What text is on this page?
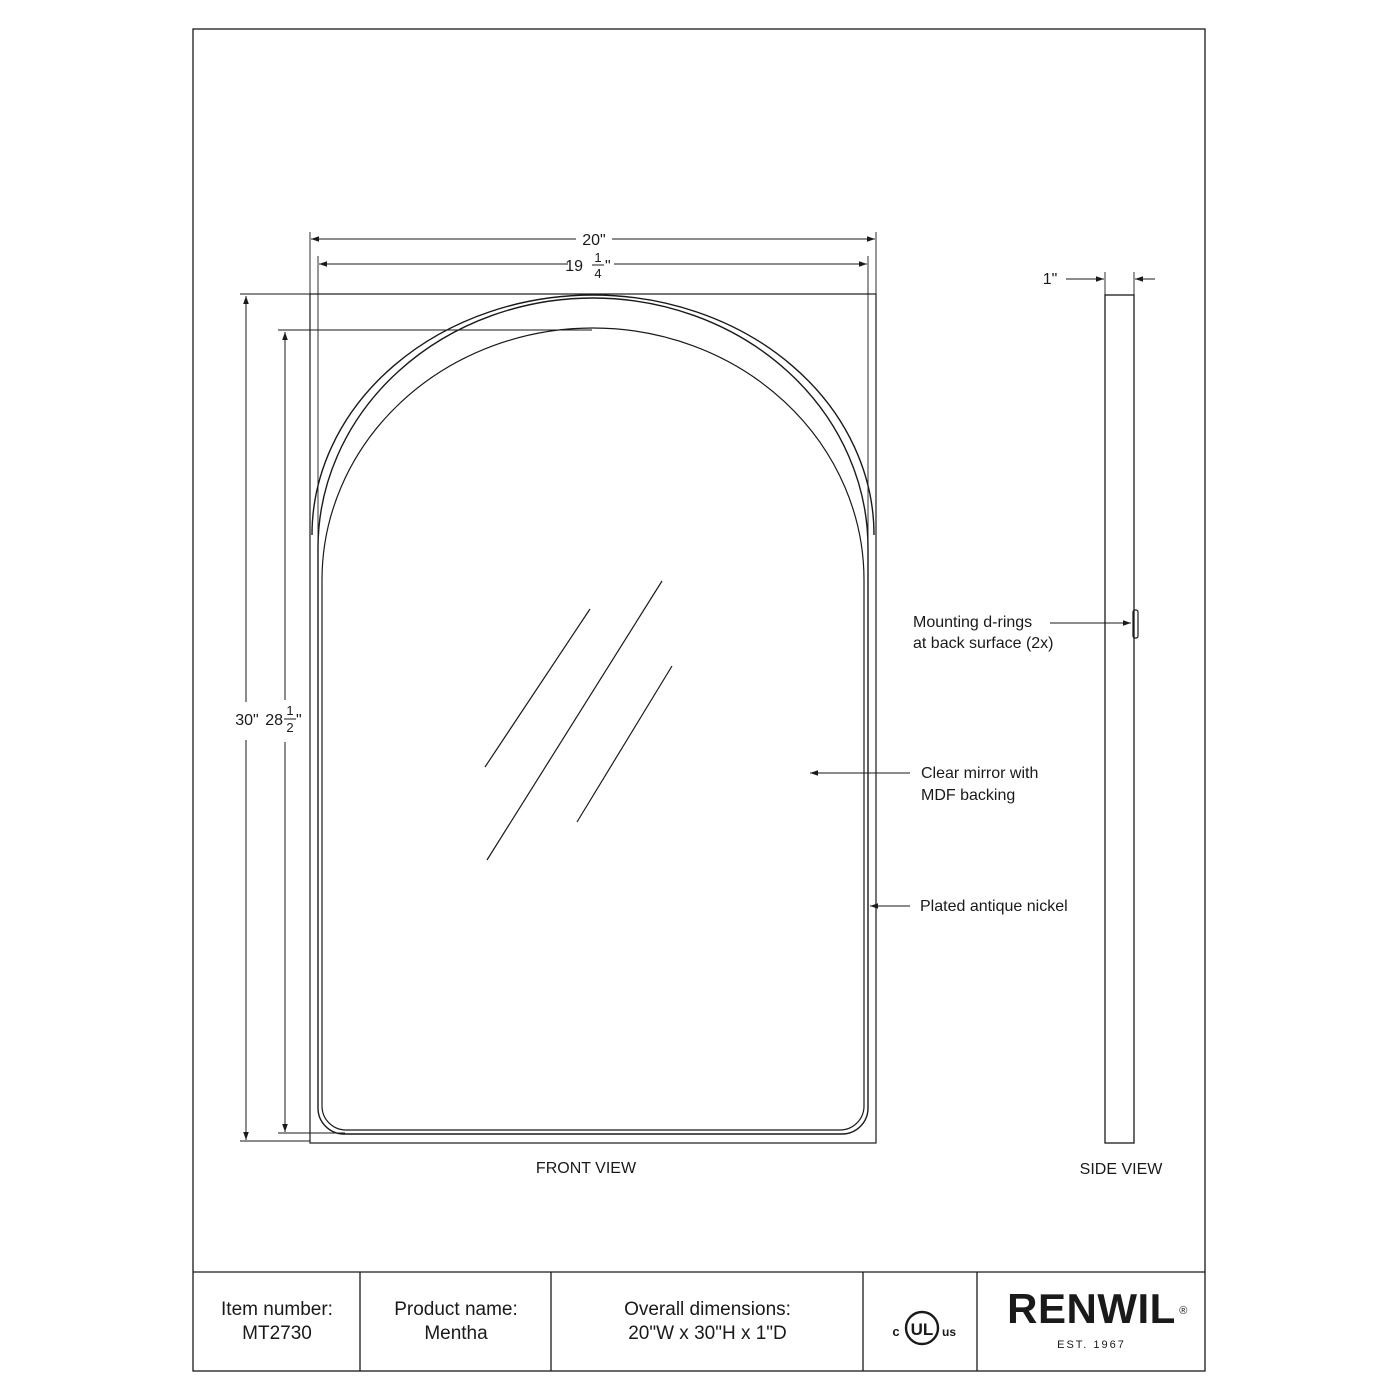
20"
19
1
4 "
30" 28
1
2 "
1"
Mounting d-rings
at back surface (2x)
Clear mirror with
MDF backing
Plated antique nickel
FRONT VIEW	SIDE VIEW
Item number:
MT2730
Product name:
Mentha
Overall dimensions:
20"W x 30"H x 1"D	c UL us RENWIL ®
EST. 1967
